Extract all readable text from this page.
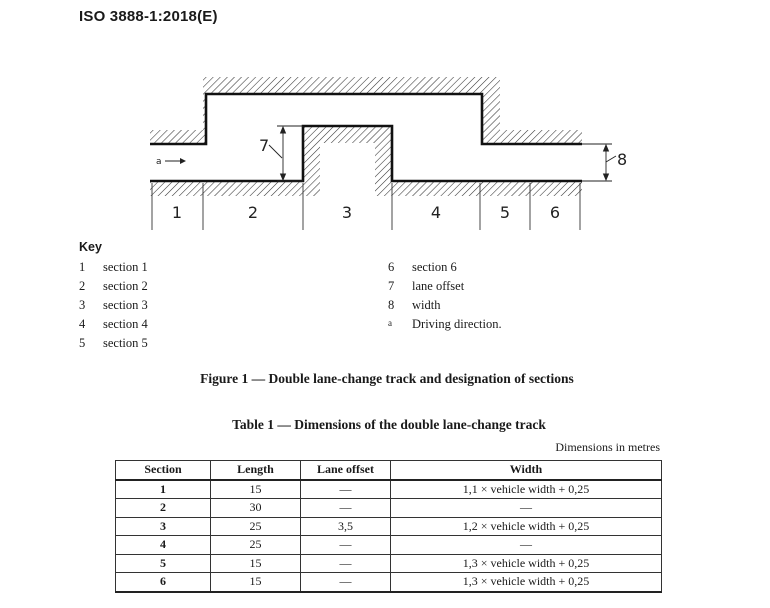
ISO 3888-1:2018(E)
1	2	3	4	5 6
a
7
8
Key
1 section 1
2 section 2
3 section 3
4 section 4
5 section 5
6 section 6
7 lane offset
8 width
a Driving direction.
Figure 1 — Double lane-change track and designation of sections
Table 1 — Dimensions of the double lane-change track
Dimensions in metres
Section	Length	Lane offset	Width
1	15	—	1,1 × vehicle width + 0,25
2	30	—	—
3	25	3,5	1,2 × vehicle width + 0,25
4	25	—	—
5	15	—	1,3 × vehicle width + 0,25
6	15	—	1,3 × vehicle width + 0,25
